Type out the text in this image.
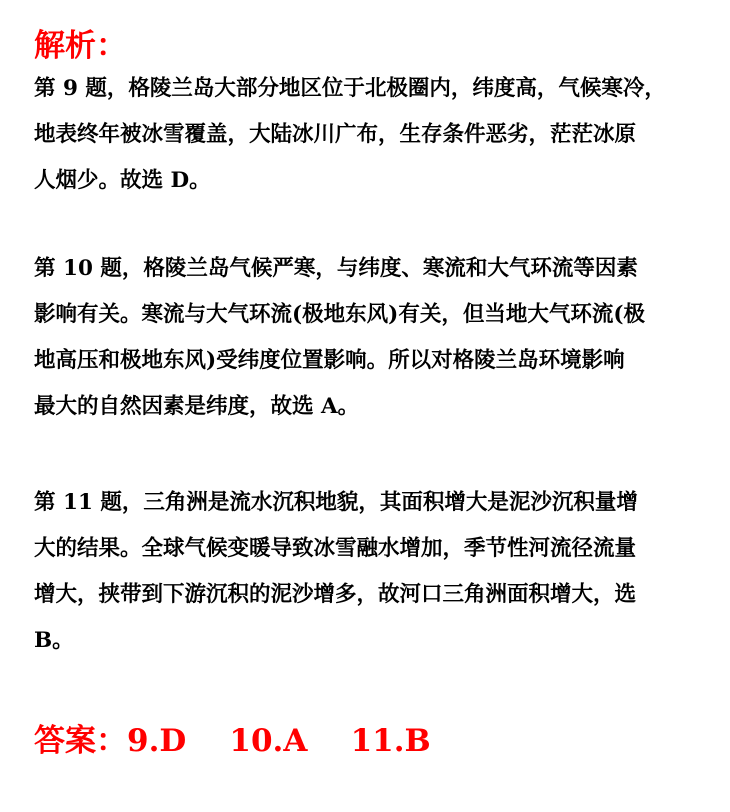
解析：

第 9 题，格陵兰岛大部分地区位于北极圈内，纬度高，气候寒冷，
地表终年被冰雪覆盖，大陆冰川广布，生存条件恶劣，茫茫冰原
人烟少。故选 D。

第 10 题，格陵兰岛气候严寒，与纬度、寒流和大气环流等因素
影响有关。寒流与大气环流(极地东风)有关，但当地大气环流(极
地高压和极地东风)受纬度位置影响。所以对格陵兰岛环境影响
最大的自然因素是纬度，故选 A。

第 11 题，三角洲是流水沉积地貌，其面积增大是泥沙沉积量增
大的结果。全球气候变暖导致冰雪融水增加，季节性河流径流量
增大，挟带到下游沉积的泥沙增多，故河口三角洲面积增大，选
B。

答案：9.D    10.A    11.B
